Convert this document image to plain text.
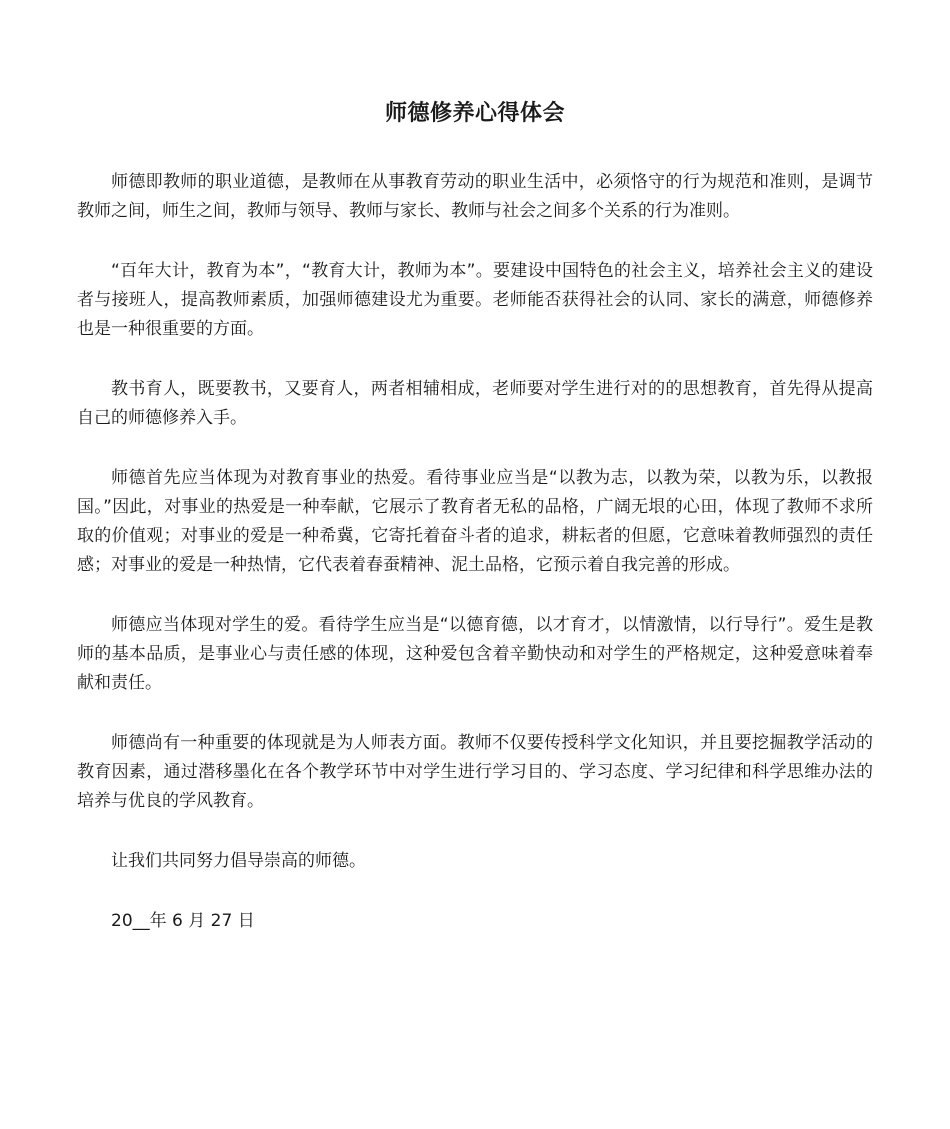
师德修养心得体会

师德即教师的职业道德，是教师在从事教育劳动的职业生活中，必须恪守的行为规范和准则，是调节教师之间，师生之间，教师与领导、教师与家长、教师与社会之间多个关系的行为准则。

“百年大计，教育为本”，“教育大计，教师为本”。要建设中国特色的社会主义，培养社会主义的建设者与接班人，提高教师素质，加强师德建设尤为重要。老师能否获得社会的认同、家长的满意，师德修养也是一种很重要的方面。

教书育人，既要教书，又要育人，两者相辅相成，老师要对学生进行对的的思想教育，首先得从提高自己的师德修养入手。

师德首先应当体现为对教育事业的热爱。看待事业应当是“以教为志，以教为荣，以教为乐，以教报国。”因此，对事业的热爱是一种奉献，它展示了教育者无私的品格，广阔无垠的心田，体现了教师不求所取的价值观；对事业的爱是一种希冀，它寄托着奋斗者的追求，耕耘者的但愿，它意味着教师强烈的责任感；对事业的爱是一种热情，它代表着春蚕精神、泥土品格，它预示着自我完善的形成。

师德应当体现对学生的爱。看待学生应当是“以德育德，以才育才，以情激情，以行导行”。爱生是教师的基本品质，是事业心与责任感的体现，这种爱包含着辛勤快动和对学生的严格规定，这种爱意味着奉献和责任。

师德尚有一种重要的体现就是为人师表方面。教师不仅要传授科学文化知识，并且要挖掘教学活动的教育因素，通过潜移墨化在各个教学环节中对学生进行学习目的、学习态度、学习纪律和科学思维办法的培养与优良的学风教育。

让我们共同努力倡导崇高的师德。

20__年 6 月 27 日
